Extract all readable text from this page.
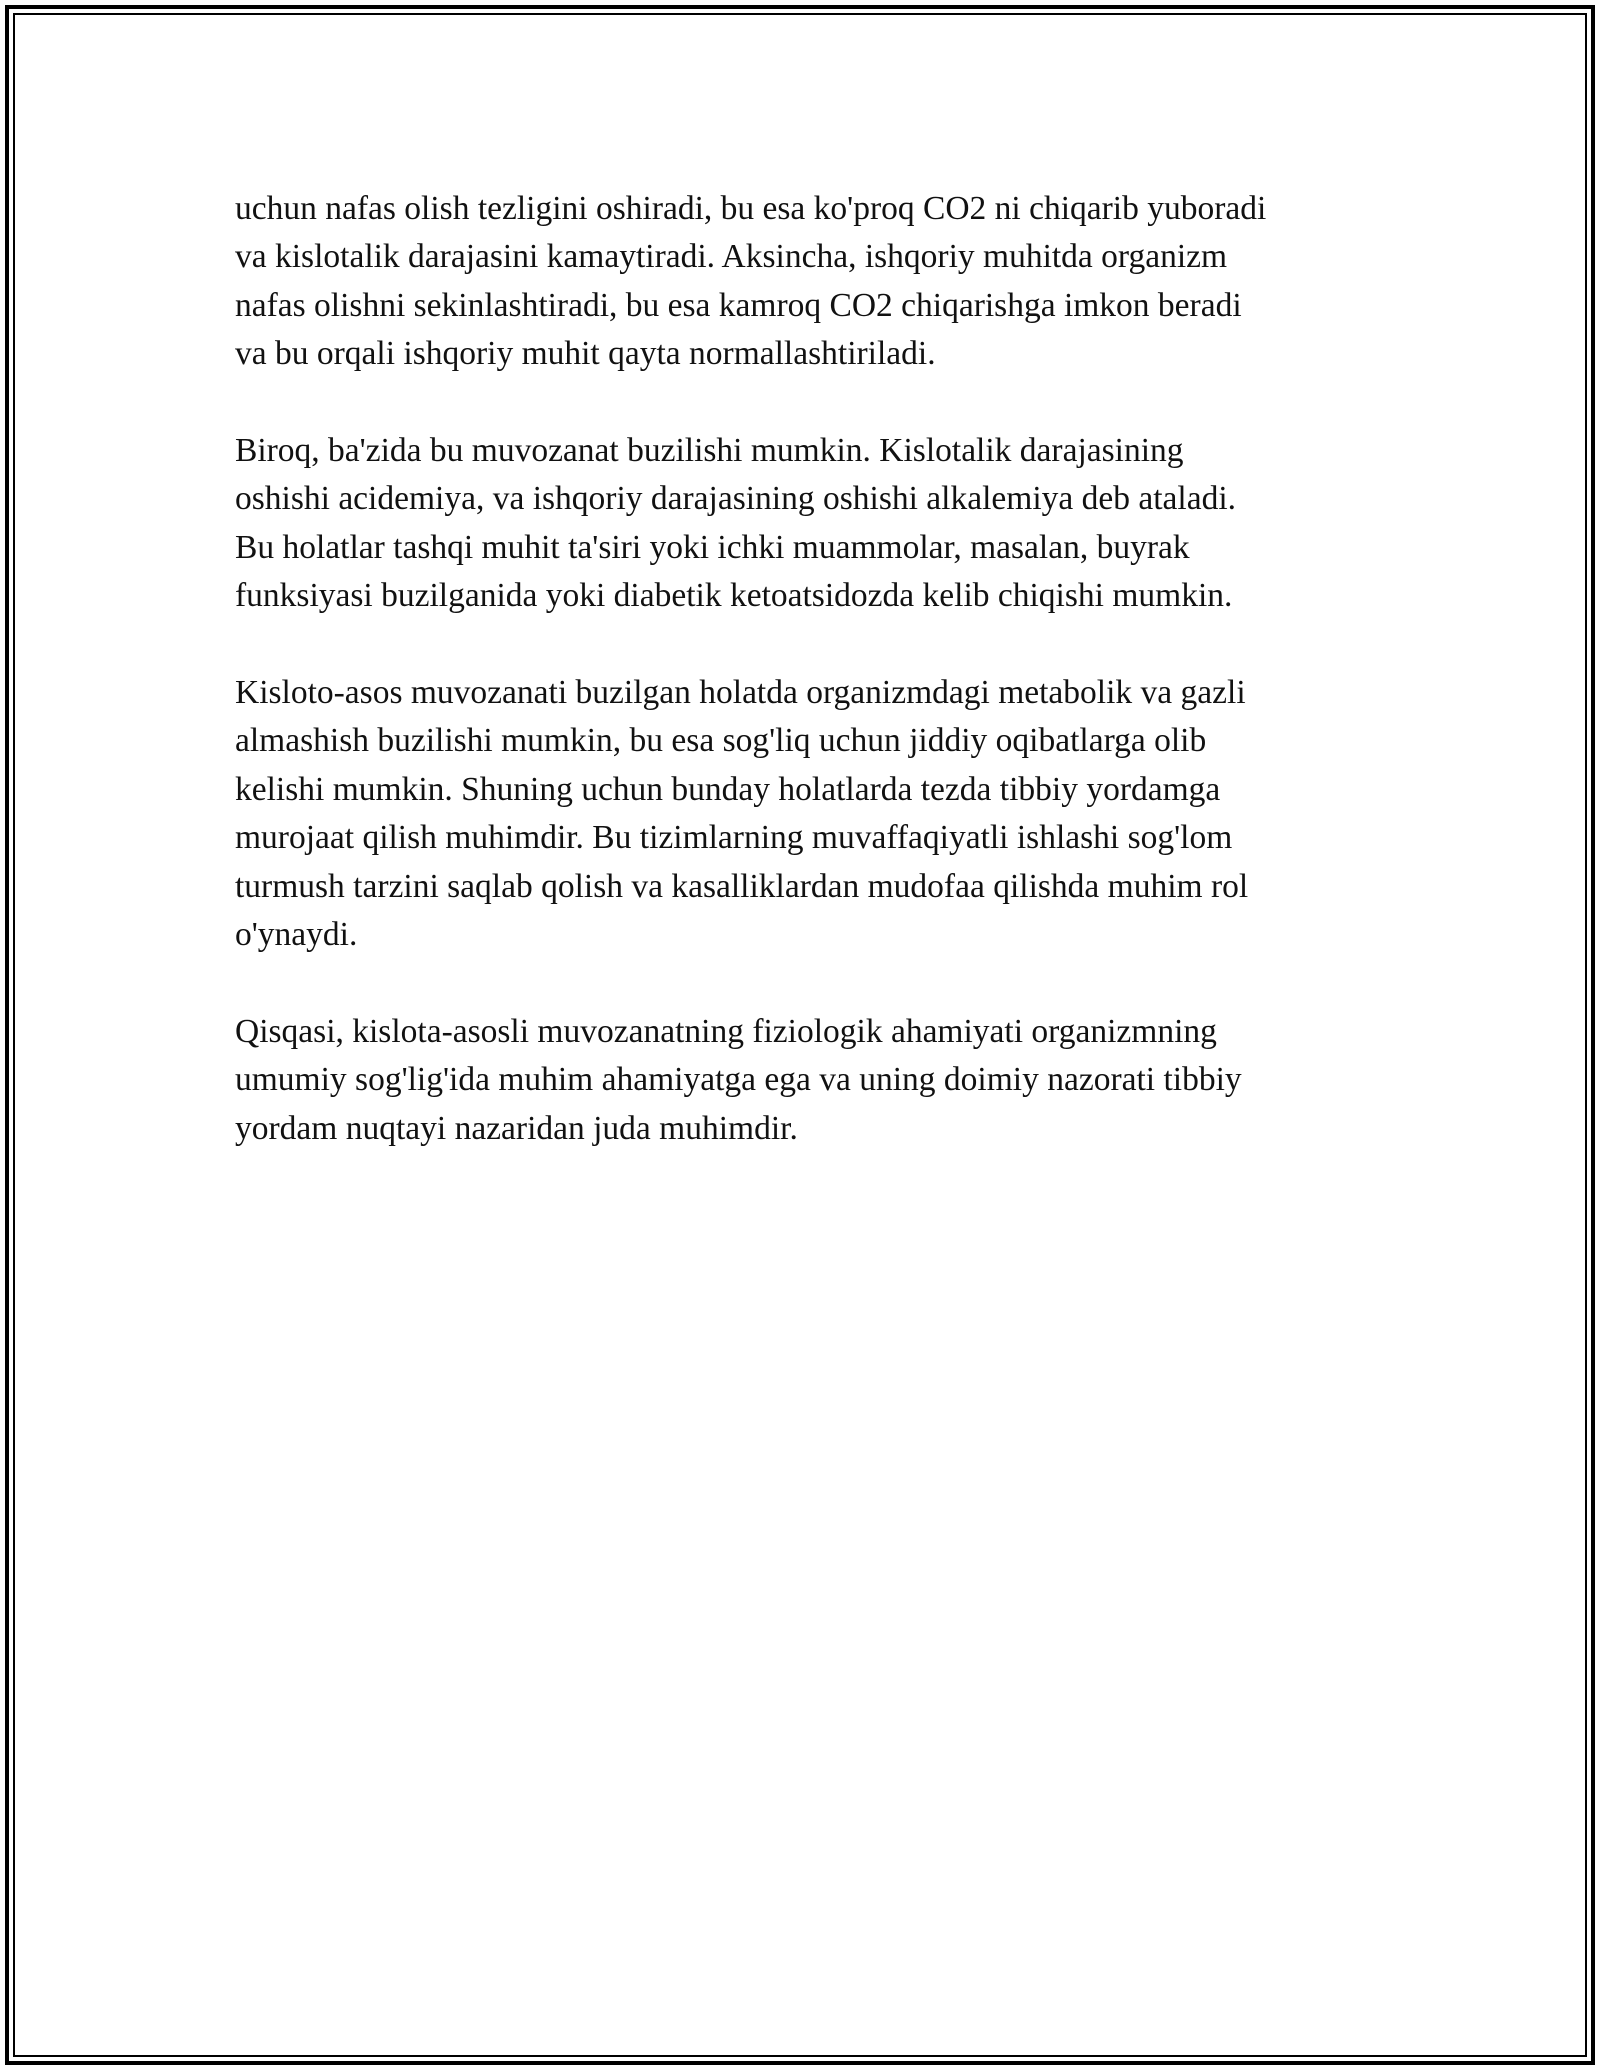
uchun nafas olish tezligini oshiradi, bu esa ko'proq CO2 ni chiqarib yuboradi
va kislotalik darajasini kamaytiradi. Aksincha, ishqoriy muhitda organizm
nafas olishni sekinlashtiradi, bu esa kamroq CO2 chiqarishga imkon beradi
va bu orqali ishqoriy muhit qayta normallashtiriladi.

Biroq, ba'zida bu muvozanat buzilishi mumkin. Kislotalik darajasining
oshishi acidemiya, va ishqoriy darajasining oshishi alkalemiya deb ataladi.
Bu holatlar tashqi muhit ta'siri yoki ichki muammolar, masalan, buyrak
funksiyasi buzilganida yoki diabetik ketoatsidozda kelib chiqishi mumkin.

Kisloto-asos muvozanati buzilgan holatda organizmdagi metabolik va gazli
almashish buzilishi mumkin, bu esa sog'liq uchun jiddiy oqibatlarga olib
kelishi mumkin. Shuning uchun bunday holatlarda tezda tibbiy yordamga
murojaat qilish muhimdir. Bu tizimlarning muvaffaqiyatli ishlashi sog'lom
turmush tarzini saqlab qolish va kasalliklardan mudofaa qilishda muhim rol
o'ynaydi.

Qisqasi, kislota-asosli muvozanatning fiziologik ahamiyati organizmning
umumiy sog'lig'ida muhim ahamiyatga ega va uning doimiy nazorati tibbiy
yordam nuqtayi nazaridan juda muhimdir.
